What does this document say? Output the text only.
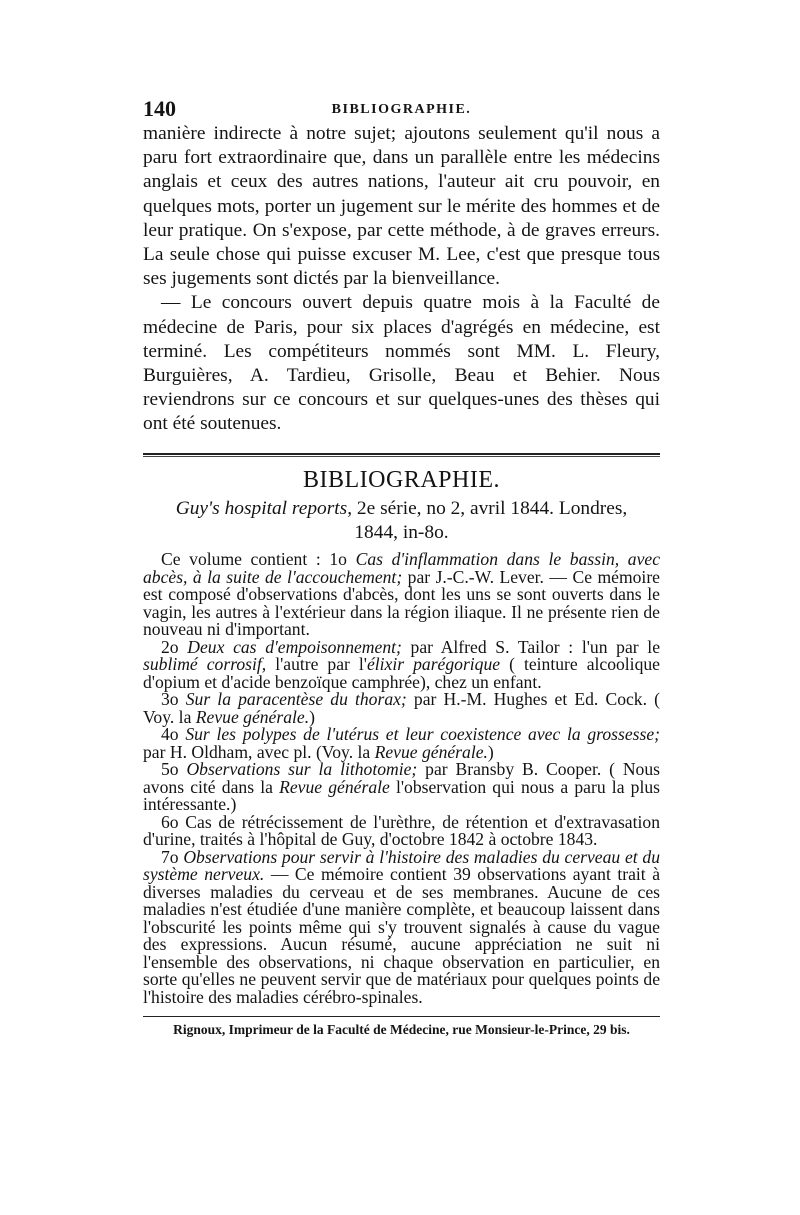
140	BIBLIOGRAPHIE.

manière indirecte à notre sujet; ajoutons seulement qu'il nous a paru fort extraordinaire que, dans un parallèle entre les médecins anglais et ceux des autres nations, l'auteur ait cru pouvoir, en quelques mots, porter un jugement sur le mérite des hommes et de leur pratique. On s'expose, par cette méthode, à de graves erreurs. La seule chose qui puisse excuser M. Lee, c'est que presque tous ses jugements sont dictés par la bienveillance.

— Le concours ouvert depuis quatre mois à la Faculté de médecine de Paris, pour six places d'agrégés en médecine, est terminé. Les compétiteurs nommés sont MM. L. Fleury, Burguières, A. Tardieu, Grisolle, Beau et Behier. Nous reviendrons sur ce concours et sur quelques-unes des thèses qui ont été soutenues.

BIBLIOGRAPHIE.
Guy's hospital reports, 2e série, no 2, avril 1844. Londres,
1844, in-8o.

Ce volume contient : 1o Cas d'inflammation dans le bassin, avec abcès, à la suite de l'accouchement; par J.-C.-W. Lever. — Ce mémoire est composé d'observations d'abcès, dont les uns se sont ouverts dans le vagin, les autres à l'extérieur dans la région iliaque. Il ne présente rien de nouveau ni d'important.

2o Deux cas d'empoisonnement; par Alfred S. Tailor : l'un par le sublimé corrosif, l'autre par l'élixir parégorique ( teinture alcoolique d'opium et d'acide benzoïque camphrée), chez un enfant.

3o Sur la paracentèse du thorax; par H.-M. Hughes et Ed. Cock. ( Voy. la Revue générale.)

4o Sur les polypes de l'utérus et leur coexistence avec la grossesse; par H. Oldham, avec pl. (Voy. la Revue générale.)

5o Observations sur la lithotomie; par Bransby B. Cooper. ( Nous avons cité dans la Revue générale l'observation qui nous a paru la plus intéressante.)

6o Cas de rétrécissement de l'urèthre, de rétention et d'extravasation d'urine, traités à l'hôpital de Guy, d'octobre 1842 à octobre 1843.

7o Observations pour servir à l'histoire des maladies du cerveau et du système nerveux. — Ce mémoire contient 39 observations ayant trait à diverses maladies du cerveau et de ses membranes. Aucune de ces maladies n'est étudiée d'une manière complète, et beaucoup laissent dans l'obscurité les points même qui s'y trouvent signalés à cause du vague des expressions. Aucun résumé, aucune appréciation ne suit ni l'ensemble des observations, ni chaque observation en particulier, en sorte qu'elles ne peuvent servir que de matériaux pour quelques points de l'histoire des maladies cérébro-spinales.

Rignoux, Imprimeur de la Faculté de Médecine, rue Monsieur-le-Prince, 29 bis.
